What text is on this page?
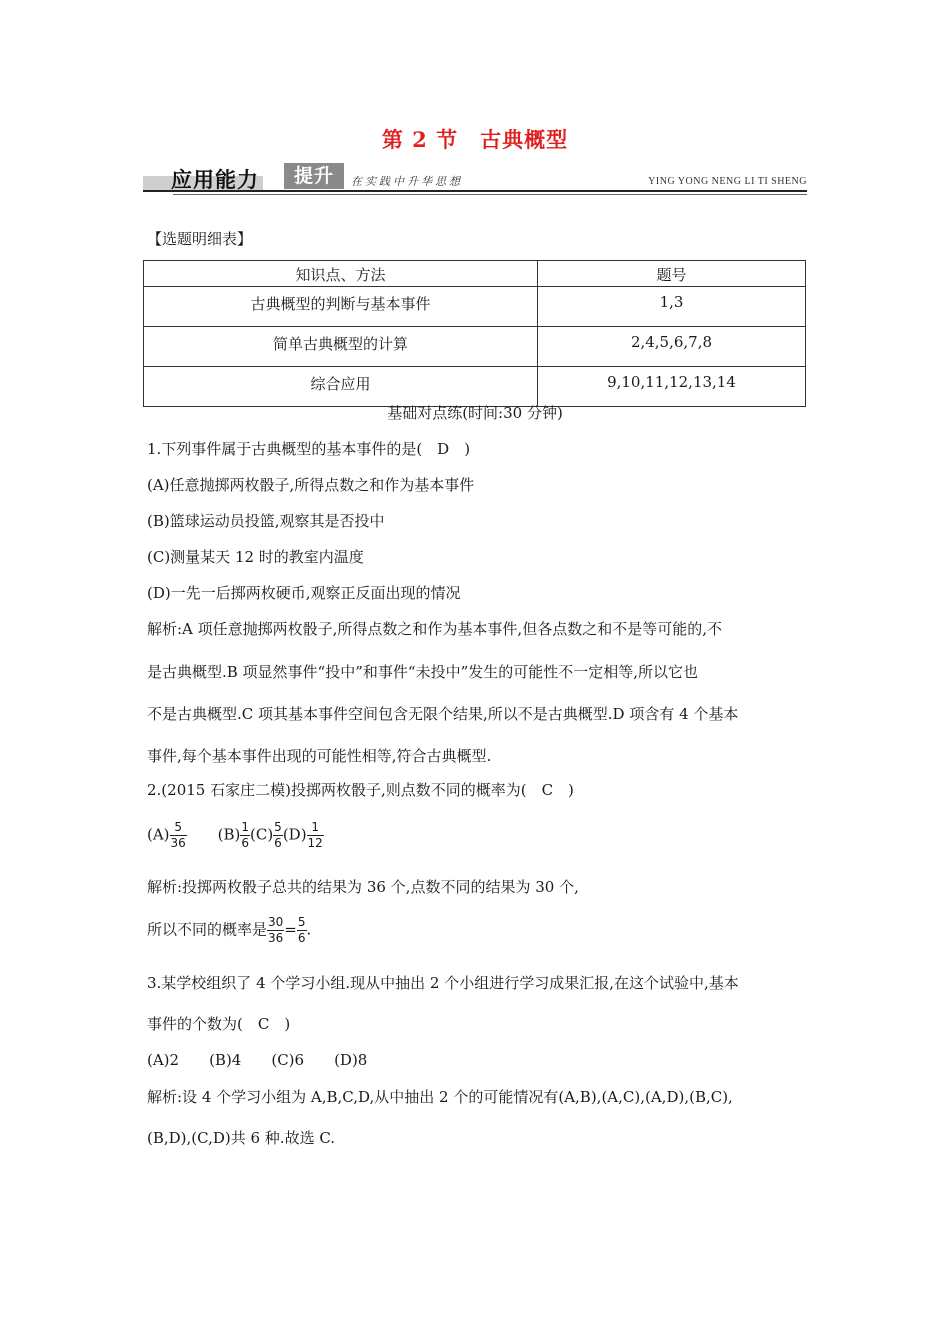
第 2 节　古典概型
应用能力	提升	在实践中升华思想	YING YONG NENG LI TI SHENG
【选题明细表】
知识点、方法	题号
古典概型的判断与基本事件	1,3
简单古典概型的计算	2,4,5,6,7,8
综合应用	9,10,11,12,13,14
基础对点练(时间:30 分钟)
1.下列事件属于古典概型的基本事件的是(　D　)
(A)任意抛掷两枚骰子,所得点数之和作为基本事件
(B)篮球运动员投篮,观察其是否投中
(C)测量某天 12 时的教室内温度
(D)一先一后掷两枚硬币,观察正反面出现的情况
解析:A 项任意抛掷两枚骰子,所得点数之和作为基本事件,但各点数之和不是等可能的,不
是古典概型.B 项显然事件“投中”和事件“未投中”发生的可能性不一定相等,所以它也
不是古典概型.C 项其基本事件空间包含无限个结果,所以不是古典概型.D 项含有 4 个基本
事件,每个基本事件出现的可能性相等,符合古典概型.
2.(2015 石家庄二模)投掷两枚骰子,则点数不同的概率为(　C　)
$(A) \frac{5}{36} (B) \frac{1}{6} (C) \frac{5}{6} (D) \frac{1}{12}$
解析:投掷两枚骰子总共的结果为 36 个,点数不同的结果为 30 个,
所以不同的概率是 $\frac{30}{36} = \frac{5}{6}$ .
3.某学校组织了 4 个学习小组.现从中抽出 2 个小组进行学习成果汇报,在这个试验中,基本
事件的个数为(　C　)
(A)2　　(B)4　　(C)6　　(D)8
解析:设 4 个学习小组为 A,B,C,D,从中抽出 2 个的可能情况有(A,B),(A,C),(A,D),(B,C),
(B,D),(C,D)共 6 种.故选 C.
